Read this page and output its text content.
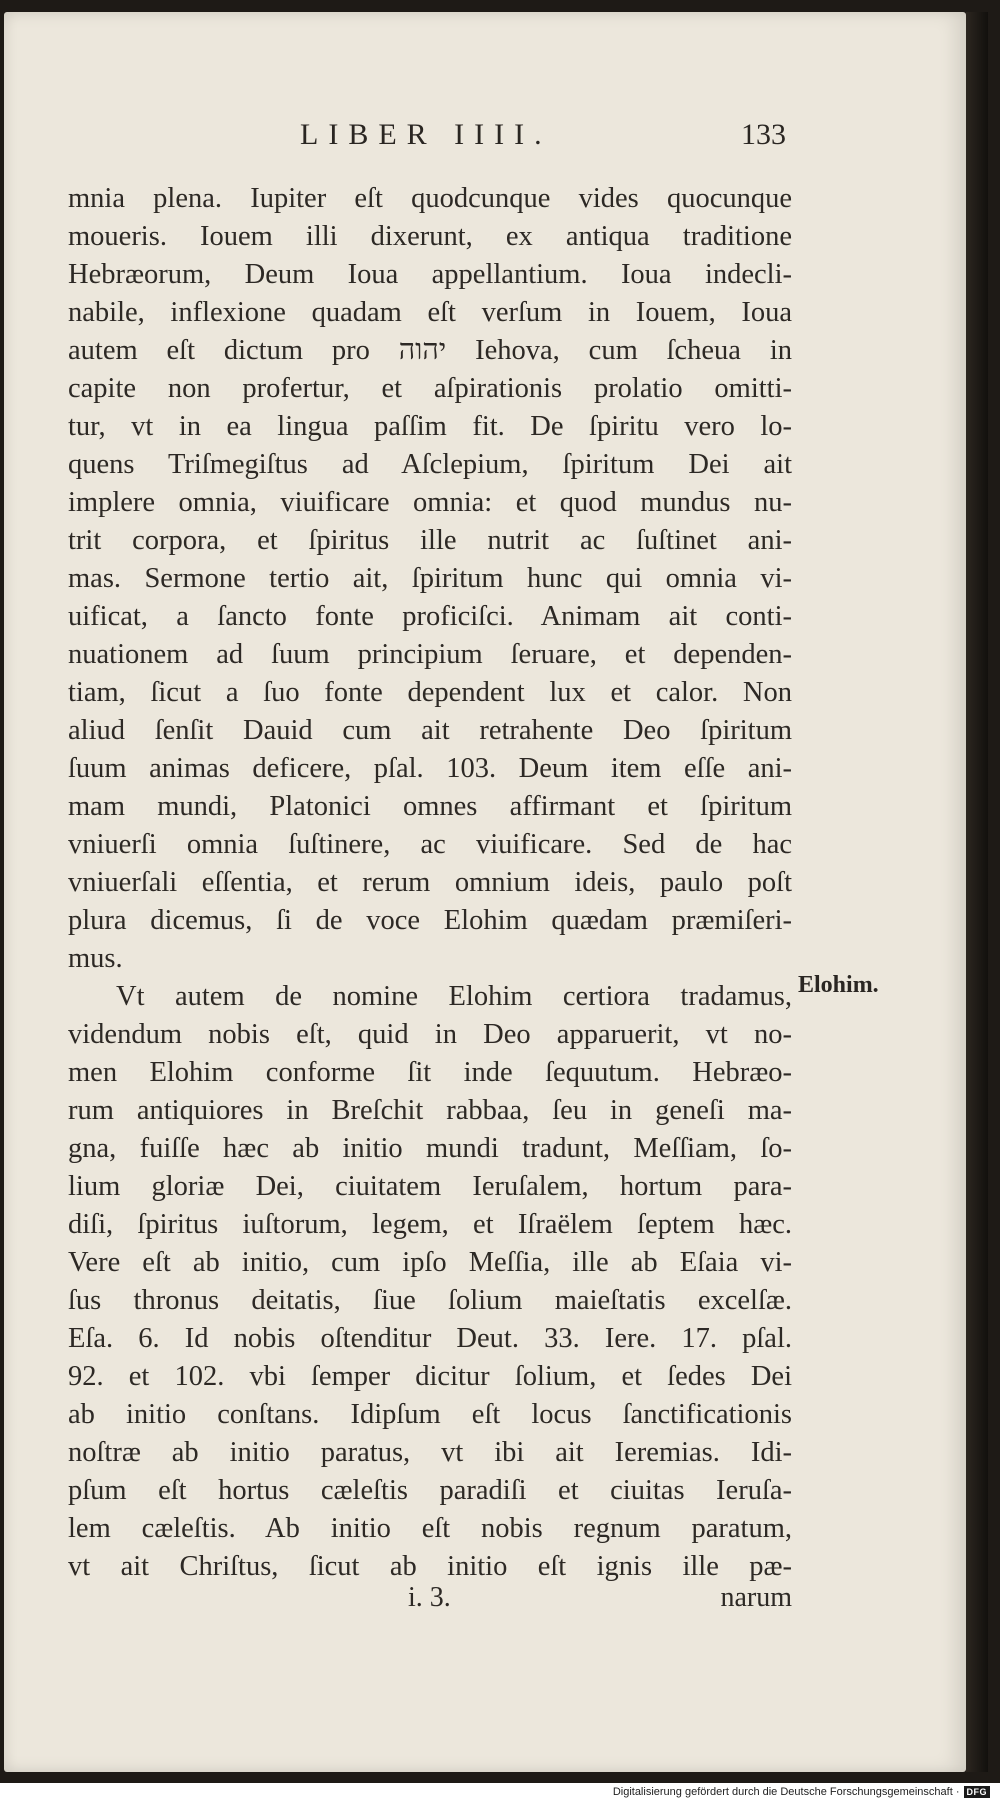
LIBER IIII.	133
mnia plena. Iupiter eſt quodcunque vides quocunque
moueris. Iouem illi dixerunt, ex antiqua traditione
Hebræorum, Deum Ioua appellantium. Ioua indecli-
nabile, inflexione quadam eſt verſum in Iouem, Ioua
autem eſt dictum pro יהוה Iehova, cum ſcheua in
capite non profertur, et aſpirationis prolatio omitti-
tur, vt in ea lingua paſſim fit. De ſpiritu vero lo-
quens Triſmegiſtus ad Aſclepium, ſpiritum Dei ait
implere omnia, viuificare omnia: et quod mundus nu-
trit corpora, et ſpiritus ille nutrit ac ſuſtinet ani-
mas. Sermone tertio ait, ſpiritum hunc qui omnia vi-
uificat, a ſancto fonte proficiſci. Animam ait conti-
nuationem ad ſuum principium ſeruare, et dependen-
tiam, ſicut a ſuo fonte dependent lux et calor. Non
aliud ſenſit Dauid cum ait retrahente Deo ſpiritum
ſuum animas deficere, pſal. 103. Deum item eſſe ani-
mam mundi, Platonici omnes affirmant et ſpiritum
vniuerſi omnia ſuſtinere, ac viuificare. Sed de hac
vniuerſali eſſentia, et rerum omnium ideis, paulo poſt
plura dicemus, ſi de voce Elohim quædam præmiſeri-
mus.
Vt autem de nomine Elohim certiora tradamus,
videndum nobis eſt, quid in Deo apparuerit, vt no-
men Elohim conforme ſit inde ſequutum. Hebræo-
rum antiquiores in Breſchit rabbaa, ſeu in geneſi ma-
gna, fuiſſe hæc ab initio mundi tradunt, Meſſiam, ſo-
lium gloriæ Dei, ciuitatem Ieruſalem, hortum para-
diſi, ſpiritus iuſtorum, legem, et Iſraëlem ſeptem hæc.
Vere eſt ab initio, cum ipſo Meſſia, ille ab Eſaia vi-
ſus thronus deitatis, ſiue ſolium maieſtatis excelſæ.
Eſa. 6. Id nobis oſtenditur Deut. 33. Iere. 17. pſal.
92. et 102. vbi ſemper dicitur ſolium, et ſedes Dei
ab initio conſtans. Idipſum eſt locus ſanctificationis
noſtræ ab initio paratus, vt ibi ait Ieremias. Idi-
pſum eſt hortus cæleſtis paradiſi et ciuitas Ieruſa-
lem cæleſtis. Ab initio eſt nobis regnum paratum,
vt ait Chriſtus, ſicut ab initio eſt ignis ille pæ-
Elohim.
i. 3.	narum
Digitalisierung gefördert durch die Deutsche Forschungsgemeinschaft · DFG
